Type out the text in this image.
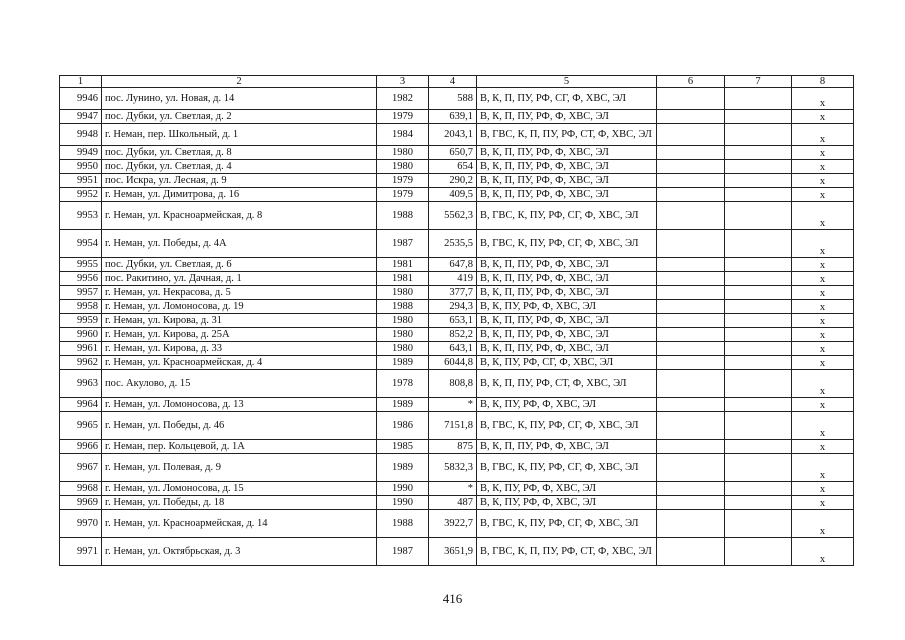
1	2	3	4	5	6	7	8
9946	пос. Лунино, ул. Новая, д. 14	1982	588	В, К, П, ПУ, РФ, СГ, Ф, ХВС, ЭЛ			х
9947	пос. Дубки, ул. Светлая, д. 2	1979	639,1	В, К, П, ПУ, РФ, Ф, ХВС, ЭЛ			х
9948	г. Неман, пер. Школьный, д. 1	1984	2043,1	В, ГВС, К, П, ПУ, РФ, СТ, Ф, ХВС, ЭЛ			х
9949	пос. Дубки, ул. Светлая, д. 8	1980	650,7	В, К, П, ПУ, РФ, Ф, ХВС, ЭЛ			х
9950	пос. Дубки, ул. Светлая, д. 4	1980	654	В, К, П, ПУ, РФ, Ф, ХВС, ЭЛ			х
9951	пос. Искра, ул. Лесная, д. 9	1979	290,2	В, К, П, ПУ, РФ, Ф, ХВС, ЭЛ			х
9952	г. Неман, ул. Димитрова, д. 16	1979	409,5	В, К, П, ПУ, РФ, Ф, ХВС, ЭЛ			х
9953	г. Неман, ул. Красноармейская, д. 8	1988	5562,3	В, ГВС, К, ПУ, РФ, СГ, Ф, ХВС, ЭЛ			х
9954	г. Неман, ул. Победы, д. 4А	1987	2535,5	В, ГВС, К, ПУ, РФ, СГ, Ф, ХВС, ЭЛ			х
9955	пос. Дубки, ул. Светлая, д. 6	1981	647,8	В, К, П, ПУ, РФ, Ф, ХВС, ЭЛ			х
9956	пос. Ракитино, ул. Дачная, д. 1	1981	419	В, К, П, ПУ, РФ, Ф, ХВС, ЭЛ			х
9957	г. Неман, ул. Некрасова, д. 5	1980	377,7	В, К, П, ПУ, РФ, Ф, ХВС, ЭЛ			х
9958	г. Неман, ул. Ломоносова, д. 19	1988	294,3	В, К, ПУ, РФ, Ф, ХВС, ЭЛ			х
9959	г. Неман, ул. Кирова, д. 31	1980	653,1	В, К, П, ПУ, РФ, Ф, ХВС, ЭЛ			х
9960	г. Неман, ул. Кирова, д. 25А	1980	852,2	В, К, П, ПУ, РФ, Ф, ХВС, ЭЛ			х
9961	г. Неман, ул. Кирова, д. 33	1980	643,1	В, К, П, ПУ, РФ, Ф, ХВС, ЭЛ			х
9962	г. Неман, ул. Красноармейская, д. 4	1989	6044,8	В, К, ПУ, РФ, СГ, Ф, ХВС, ЭЛ			х
9963	пос. Акулово, д. 15	1978	808,8	В, К, П, ПУ, РФ, СТ, Ф, ХВС, ЭЛ			х
9964	г. Неман, ул. Ломоносова, д. 13	1989	*	В, К, ПУ, РФ, Ф, ХВС, ЭЛ			х
9965	г. Неман, ул. Победы, д. 46	1986	7151,8	В, ГВС, К, ПУ, РФ, СГ, Ф, ХВС, ЭЛ			х
9966	г. Неман, пер. Кольцевой, д. 1А	1985	875	В, К, П, ПУ, РФ, Ф, ХВС, ЭЛ			х
9967	г. Неман, ул. Полевая, д. 9	1989	5832,3	В, ГВС, К, ПУ, РФ, СГ, Ф, ХВС, ЭЛ			х
9968	г. Неман, ул. Ломоносова, д. 15	1990	*	В, К, ПУ, РФ, Ф, ХВС, ЭЛ			х
9969	г. Неман, ул. Победы, д. 18	1990	487	В, К, ПУ, РФ, Ф, ХВС, ЭЛ			х
9970	г. Неман, ул. Красноармейская, д. 14	1988	3922,7	В, ГВС, К, ПУ, РФ, СГ, Ф, ХВС, ЭЛ			х
9971	г. Неман, ул. Октябрьская, д. 3	1987	3651,9	В, ГВС, К, П, ПУ, РФ, СТ, Ф, ХВС, ЭЛ			х
416
